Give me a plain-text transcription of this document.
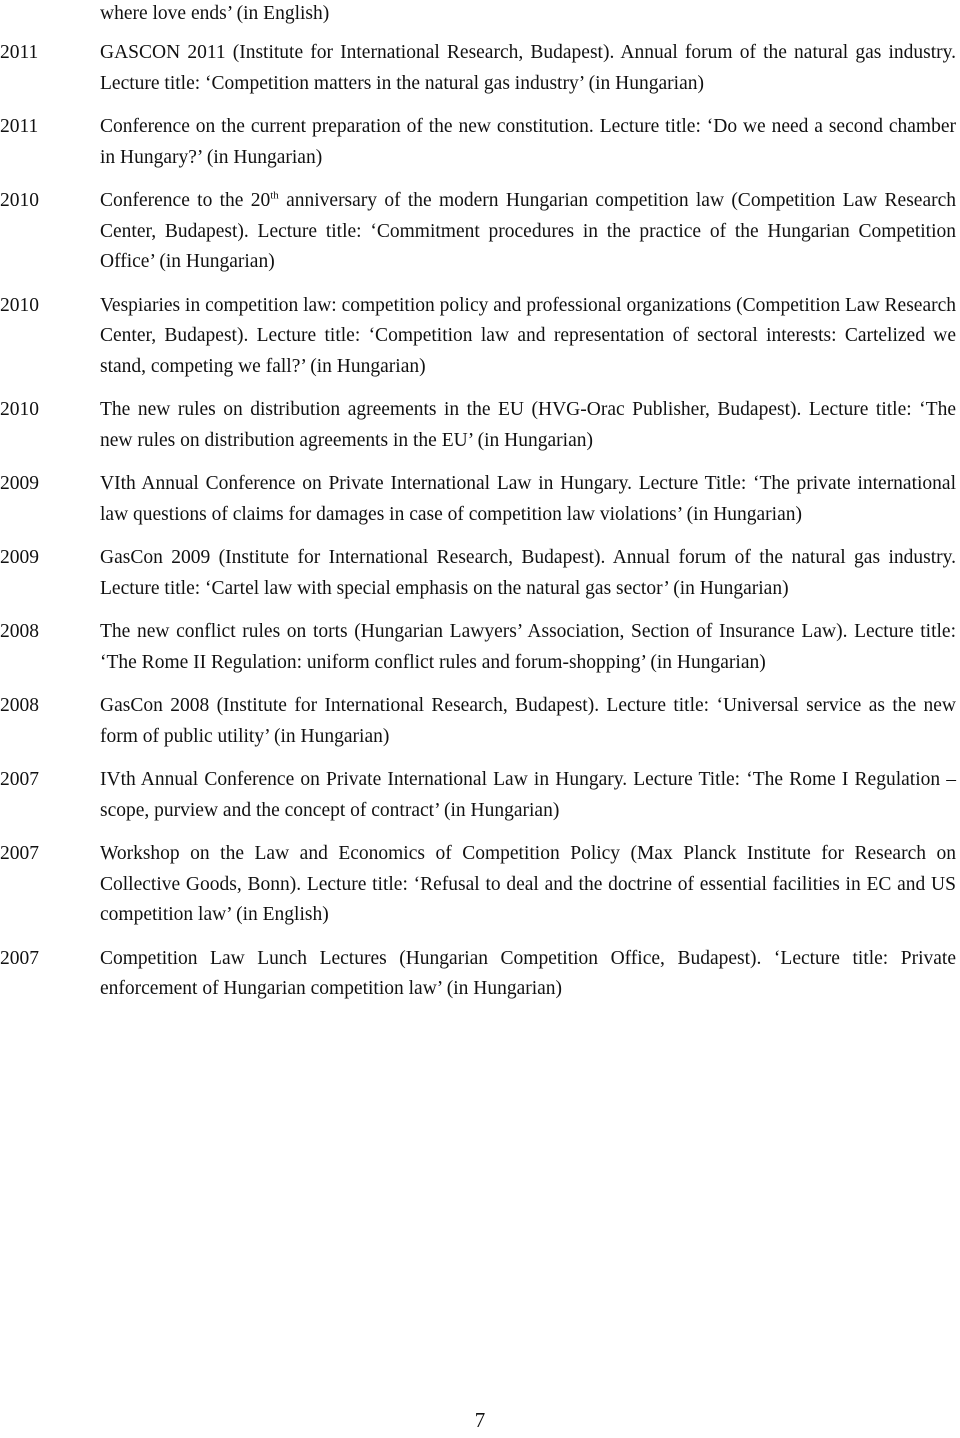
where love ends’ (in English)
2011	GASCON 2011 (Institute for International Research, Budapest). Annual forum of the natural gas industry. Lecture title: ‘Competition matters in the natural gas industry’ (in Hungarian)
2011	Conference on the current preparation of the new constitution. Lecture title: ‘Do we need a second chamber in Hungary?’ (in Hungarian)
2010	Conference to the 20th anniversary of the modern Hungarian competition law (Competition Law Research Center, Budapest). Lecture title: ‘Commitment procedures in the practice of the Hungarian Competition Office’ (in Hungarian)
2010	Vespiaries in competition law: competition policy and professional organizations (Competition Law Research Center, Budapest). Lecture title: ‘Competition law and representation of sectoral interests: Cartelized we stand, competing we fall?’ (in Hungarian)
2010	The new rules on distribution agreements in the EU (HVG-Orac Publisher, Budapest). Lecture title: ‘The new rules on distribution agreements in the EU’ (in Hungarian)
2009	VIth Annual Conference on Private International Law in Hungary. Lecture Title: ‘The private international law questions of claims for damages in case of competition law violations’ (in Hungarian)
2009	GasCon 2009 (Institute for International Research, Budapest). Annual forum of the natural gas industry. Lecture title: ‘Cartel law with special emphasis on the natural gas sector’ (in Hungarian)
2008	The new conflict rules on torts (Hungarian Lawyers’ Association, Section of Insurance Law). Lecture title: ‘The Rome II Regulation: uniform conflict rules and forum-shopping’ (in Hungarian)
2008	GasCon 2008 (Institute for International Research, Budapest). Lecture title: ‘Universal service as the new form of public utility’ (in Hungarian)
2007	IVth Annual Conference on Private International Law in Hungary. Lecture Title: ‘The Rome I Regulation – scope, purview and the concept of contract’ (in Hungarian)
2007	Workshop on the Law and Economics of Competition Policy (Max Planck Institute for Research on Collective Goods, Bonn). Lecture title: ‘Refusal to deal and the doctrine of essential facilities in EC and US competition law’ (in English)
2007	Competition Law Lunch Lectures (Hungarian Competition Office, Budapest). ‘Lecture title: Private enforcement of Hungarian competition law’ (in Hungarian)
7
